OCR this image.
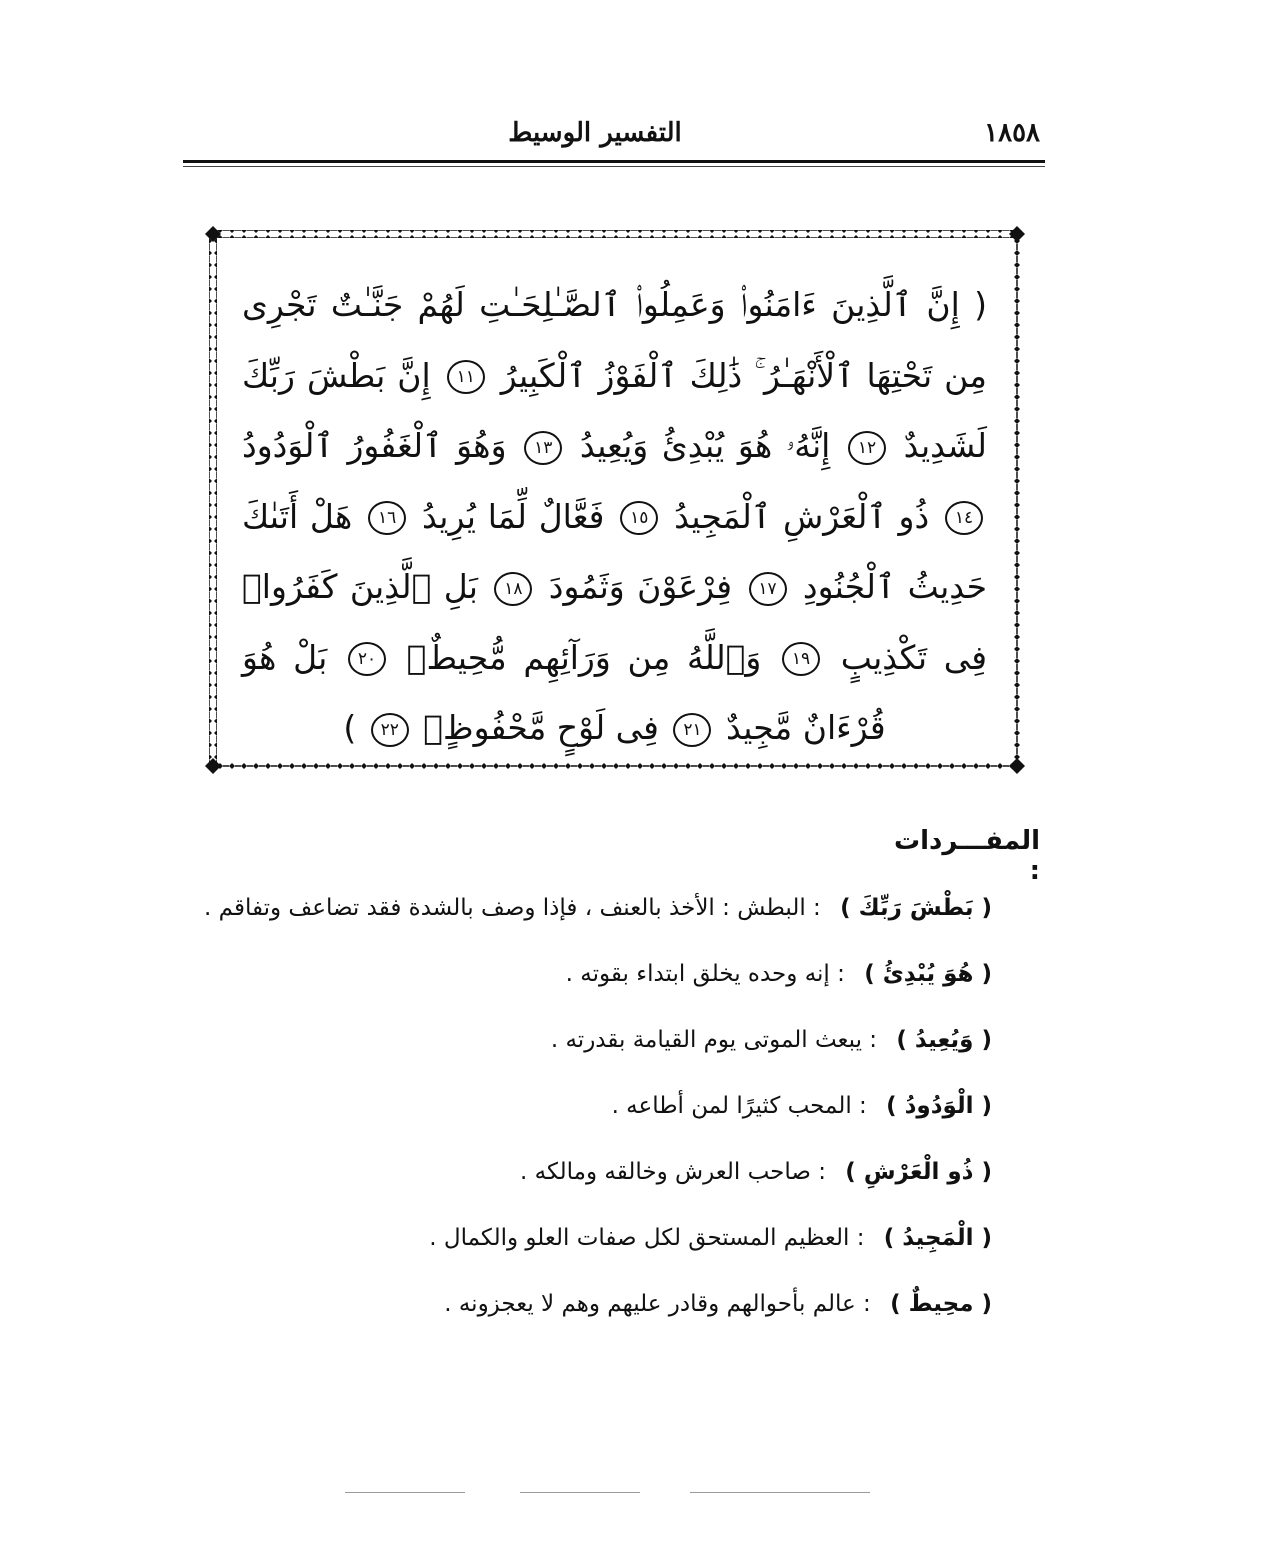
١٨٥٨
التفسير الوسيط
( إِنَّ ٱلَّذِينَ ءَامَنُوا۟ وَعَمِلُوا۟ ٱلصَّـٰلِحَـٰتِ لَهُمْ جَنَّـٰتٌ تَجْرِى مِن تَحْتِهَا ٱلْأَنْهَـٰرُ ۚ ذَٰلِكَ ٱلْفَوْزُ ٱلْكَبِيرُ ١١ إِنَّ بَطْشَ رَبِّكَ لَشَدِيدٌ ١٢ إِنَّهُۥ هُوَ يُبْدِئُ وَيُعِيدُ ١٣ وَهُوَ ٱلْغَفُورُ ٱلْوَدُودُ ١٤ ذُو ٱلْعَرْشِ ٱلْمَجِيدُ ١٥ فَعَّالٌ لِّمَا يُرِيدُ ١٦ هَلْ أَتَىٰكَ حَدِيثُ ٱلْجُنُودِ ١٧ فِرْعَوْنَ وَثَمُودَ ١٨ بَلِ ٱلَّذِينَ كَفَرُوا۟ فِى تَكْذِيبٍ ١٩ وَٱللَّهُ مِن وَرَآئِهِم مُّحِيطٌۢ ٢٠ بَلْ هُوَ قُرْءَانٌ مَّجِيدٌ ٢١ فِى لَوْحٍ مَّحْفُوظٍۭ ٢٢ )
المفـــردات :
( بَطْشَ رَبِّكَ ) : البطش : الأخذ بالعنف ، فإذا وصف بالشدة فقد تضاعف وتفاقم .
( هُوَ يُبْدِئُ ) : إنه وحده يخلق ابتداء بقوته .
( وَيُعِيدُ ) : يبعث الموتى يوم القيامة بقدرته .
( الْوَدُودُ ) : المحب كثيرًا لمن أطاعه .
( ذُو الْعَرْشِ ) : صاحب العرش وخالقه ومالكه .
( الْمَجِيدُ ) : العظيم المستحق لكل صفات العلو والكمال .
( محِيطٌ ) : عالم بأحوالهم وقادر عليهم وهم لا يعجزونه .
